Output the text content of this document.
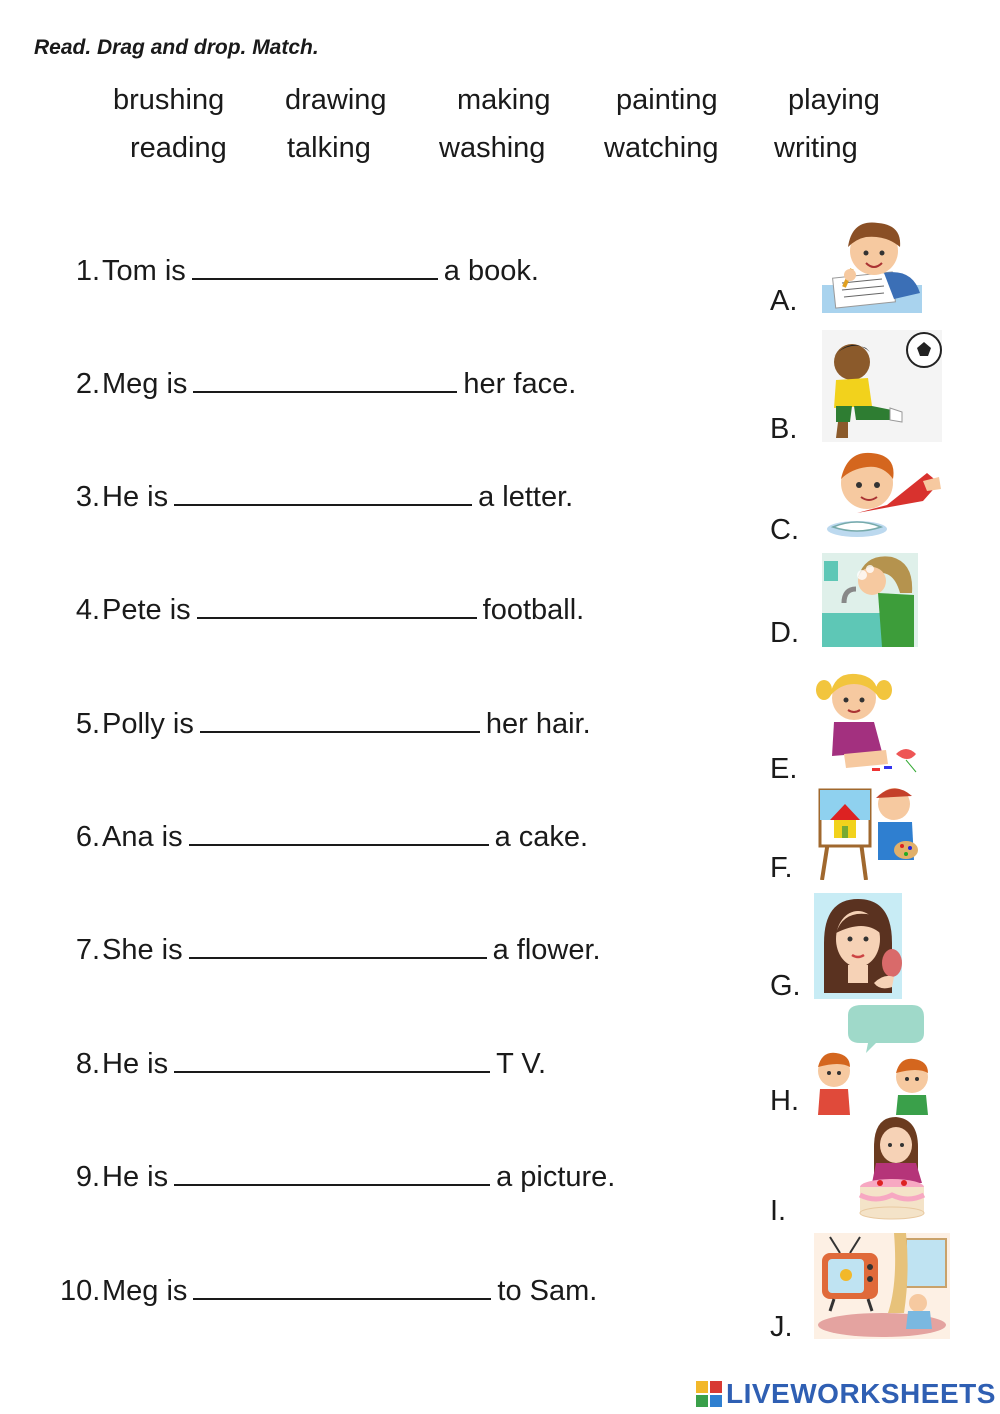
Read. Drag and drop. Match.
brushing drawing making painting playing
reading talking washing watching writing
1. Tom is	a book.
2. Meg is	her face.
3. He is	a letter.
4. Pete is	football.
5. Polly is	her hair.
6. Ana is	a cake.
7. She is	a flower.
8. He is	T V.
9. He is	a picture.
10. Meg is	to Sam.
A.
B.
C.
D.
E.
F.
G.
H.
I.
J.
LIVEWORKSHEETS
